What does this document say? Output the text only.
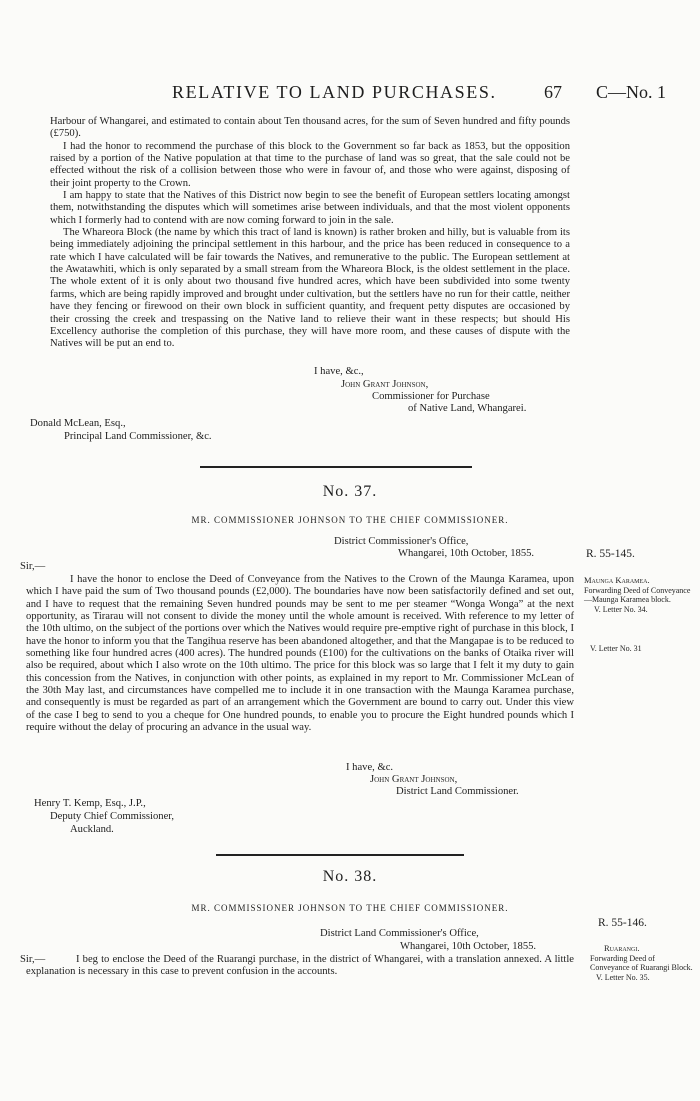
RELATIVE TO LAND PURCHASES.	67 C—No. 1

Harbour of Whangarei, and estimated to contain about Ten thousand acres, for the sum of Seven hundred and fifty pounds (£750).

I had the honor to recommend the purchase of this block to the Government so far back as 1853, but the opposition raised by a portion of the Native population at that time to the purchase of land was so great, that the sale could not be effected without the risk of a collision between those who were in favour of, and those who were against, disposing of their joint property to the Crown.

I am happy to state that the Natives of this District now begin to see the benefit of European settlers locating amongst them, notwithstanding the disputes which will sometimes arise between individuals, and that the most violent opponents which I formerly had to contend with are now coming forward to join in the sale.

The Whareora Block (the name by which this tract of land is known) is rather broken and hilly, but is valuable from its being immediately adjoining the principal settlement in this harbour, and the price has been reduced in consequence to a rate which I have calculated will be fair towards the Natives, and remunerative to the public. The European settlement at the Awatawhiti, which is only separated by a small stream from the Whareora Block, is the oldest settlement in the place. The whole extent of it is only about two thousand five hundred acres, which have been subdivided into some twenty farms, which are being rapidly improved and brought under cultivation, but the settlers have no run for their cattle, neither have they fencing or firewood on their own block in sufficient quantity, and frequent petty disputes are occasioned by their crossing the creek and trespassing on the Native land to relieve their want in these respects; but should His Excellency authorise the completion of this purchase, they will have more room, and these causes of dispute with the Natives will be put an end to.

I have, &c.,
John Grant Johnson,
Commissioner for Purchase
of Native Land, Whangarei.
Donald McLean, Esq.,
Principal Land Commissioner, &c.
No. 37.
MR. COMMISSIONER JOHNSON TO THE CHIEF COMMISSIONER.
District Commissioner's Office,
Whangarei, 10th October, 1855.	R. 55-145.
Sir,—

I have the honor to enclose the Deed of Conveyance from the Natives to the Crown of the Maunga Karamea, upon which I have paid the sum of Two thousand pounds (£2,000). The boundaries have now been satisfactorily defined and set out, and I have to request that the remaining Seven hundred pounds may be sent to me per steamer “Wonga Wonga” at the next opportunity, as Tirarau will not consent to divide the money until the whole amount is received. With reference to my letter of the 10th ultimo, on the subject of the portions over which the Natives would require pre-emptive right of purchase in this block, I have the honor to inform you that the Tangihua reserve has been abandoned altogether, and that the Mangapae is to be reduced to something like four hundred acres (400 acres). The hundred pounds (£100) for the cultivations on the banks of Otaika river will also be required, about which I also wrote on the 10th ultimo. The price for this block was so large that I felt it my duty to gain this concession from the Natives, in conjunction with other points, as explained in my report to Mr. Commissioner McLean of the 30th May last, and circumstances have compelled me to include it in one transaction with the Maunga Karamea purchase, and consequently is must be regarded as part of an arrangement which the Government are bound to carry out. Under this view of the case I beg to send to you a cheque for One hundred pounds, to enable you to procure the Eight hundred pounds which I require without the delay of procuring an advance in the usual way.

Maunga Karamea.
Forwarding Deed of Conveyance—Maunga Karamea block.
V. Letter No. 34.
V. Letter No. 31
I have, &c.
John Grant Johnson,
District Land Commissioner.
Henry T. Kemp, Esq., J.P.,
Deputy Chief Commissioner,
Auckland.
No. 38.
MR. COMMISSIONER JOHNSON TO THE CHIEF COMMISSIONER.
R. 55-146.
District Land Commissioner's Office,
Whangarei, 10th October, 1855.
Sir,—	I beg to enclose the Deed of the Ruarangi purchase, in the district of Whangarei, with a translation annexed. A little explanation is necessary in this case to prevent confusion in the accounts.

Ruarangi.
Forwarding Deed of Conveyance of Ruarangi Block.
V. Letter No. 35.
